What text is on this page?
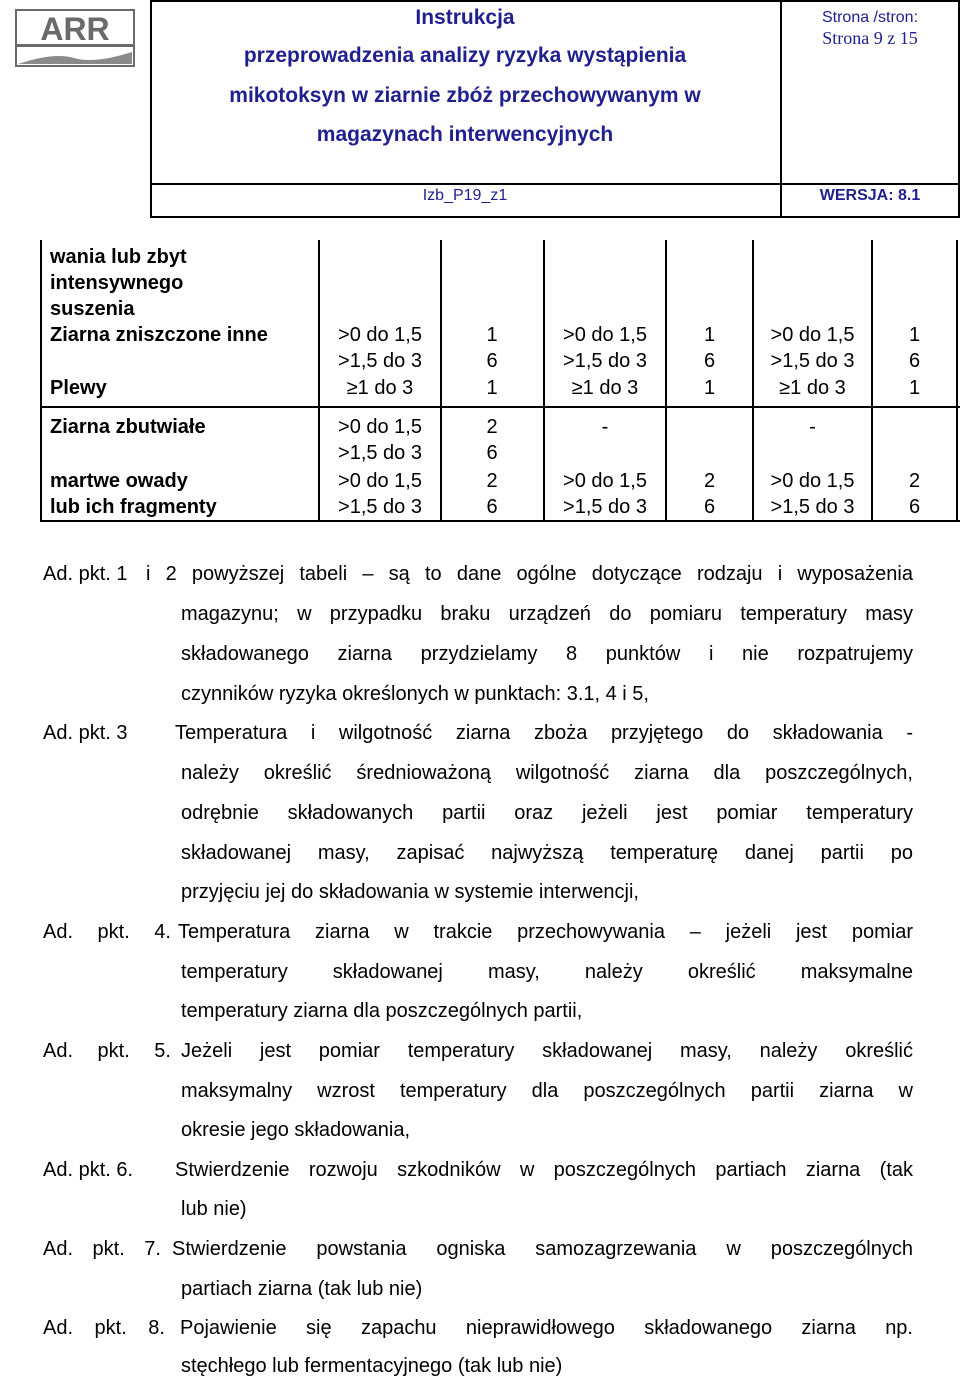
ARR	Instrukcja
przeprowadzenia analizy ryzyka wystąpienia
mikotoksyn w ziarnie zbóż przechowywanym w
magazynach interwencyjnych
Strona /stron:
Strona 9 z 15
Izb_P19_z1	WERSJA: 8.1
wania lub zbyt
intensywnego
suszenia
Ziarna zniszczone inne
Plewy
Ziarna zbutwiałe
martwe owady
lub ich fragmenty
>0 do 1,5
>1,5 do 3
≥1 do 3
1
6
1
>0 do 1,5
>1,5 do 3
2
6
>0 do 1,5
>1,5 do 3
2
6
>0 do 1,5
>1,5 do 3
≥1 do 3
1
6
1
-
>0 do 1,5
>1,5 do 3
2
6
>0 do 1,5
>1,5 do 3
≥1 do 3
1
6
1
-
>0 do 1,5
>1,5 do 3
2
6
Ad. pkt. 1 i 2 powyższej tabeli – są to dane ogólne dotyczące rodzaju i wyposażenia
magazynu; w przypadku braku urządzeń do pomiaru temperatury masy
składowanego ziarna przydzielamy 8 punktów i nie rozpatrujemy
czynników ryzyka określonych w punktach: 3.1, 4 i 5,
Ad. pkt. 3 Temperatura i wilgotność ziarna zboża przyjętego do składowania -
należy określić średnioważoną wilgotność ziarna dla poszczególnych,
odrębnie składowanych partii oraz jeżeli jest pomiar temperatury
składowanej masy, zapisać najwyższą temperaturę danej partii po
przyjęciu jej do składowania w systemie interwencji,
Ad. pkt. 4. Temperatura ziarna w trakcie przechowywania – jeżeli jest pomiar
temperatury składowanej masy, należy określić maksymalne
temperatury ziarna dla poszczególnych partii,
Ad. pkt. 5. Jeżeli jest pomiar temperatury składowanej masy, należy określić
maksymalny wzrost temperatury dla poszczególnych partii ziarna w
okresie jego składowania,
Ad. pkt. 6. Stwierdzenie rozwoju szkodników w poszczególnych partiach ziarna (tak
lub nie)
Ad. pkt. 7. Stwierdzenie powstania ogniska samozagrzewania w poszczególnych
partiach ziarna (tak lub nie)
Ad. pkt. 8. Pojawienie się zapachu nieprawidłowego składowanego ziarna np.
stęchłego lub fermentacyjnego (tak lub nie)
